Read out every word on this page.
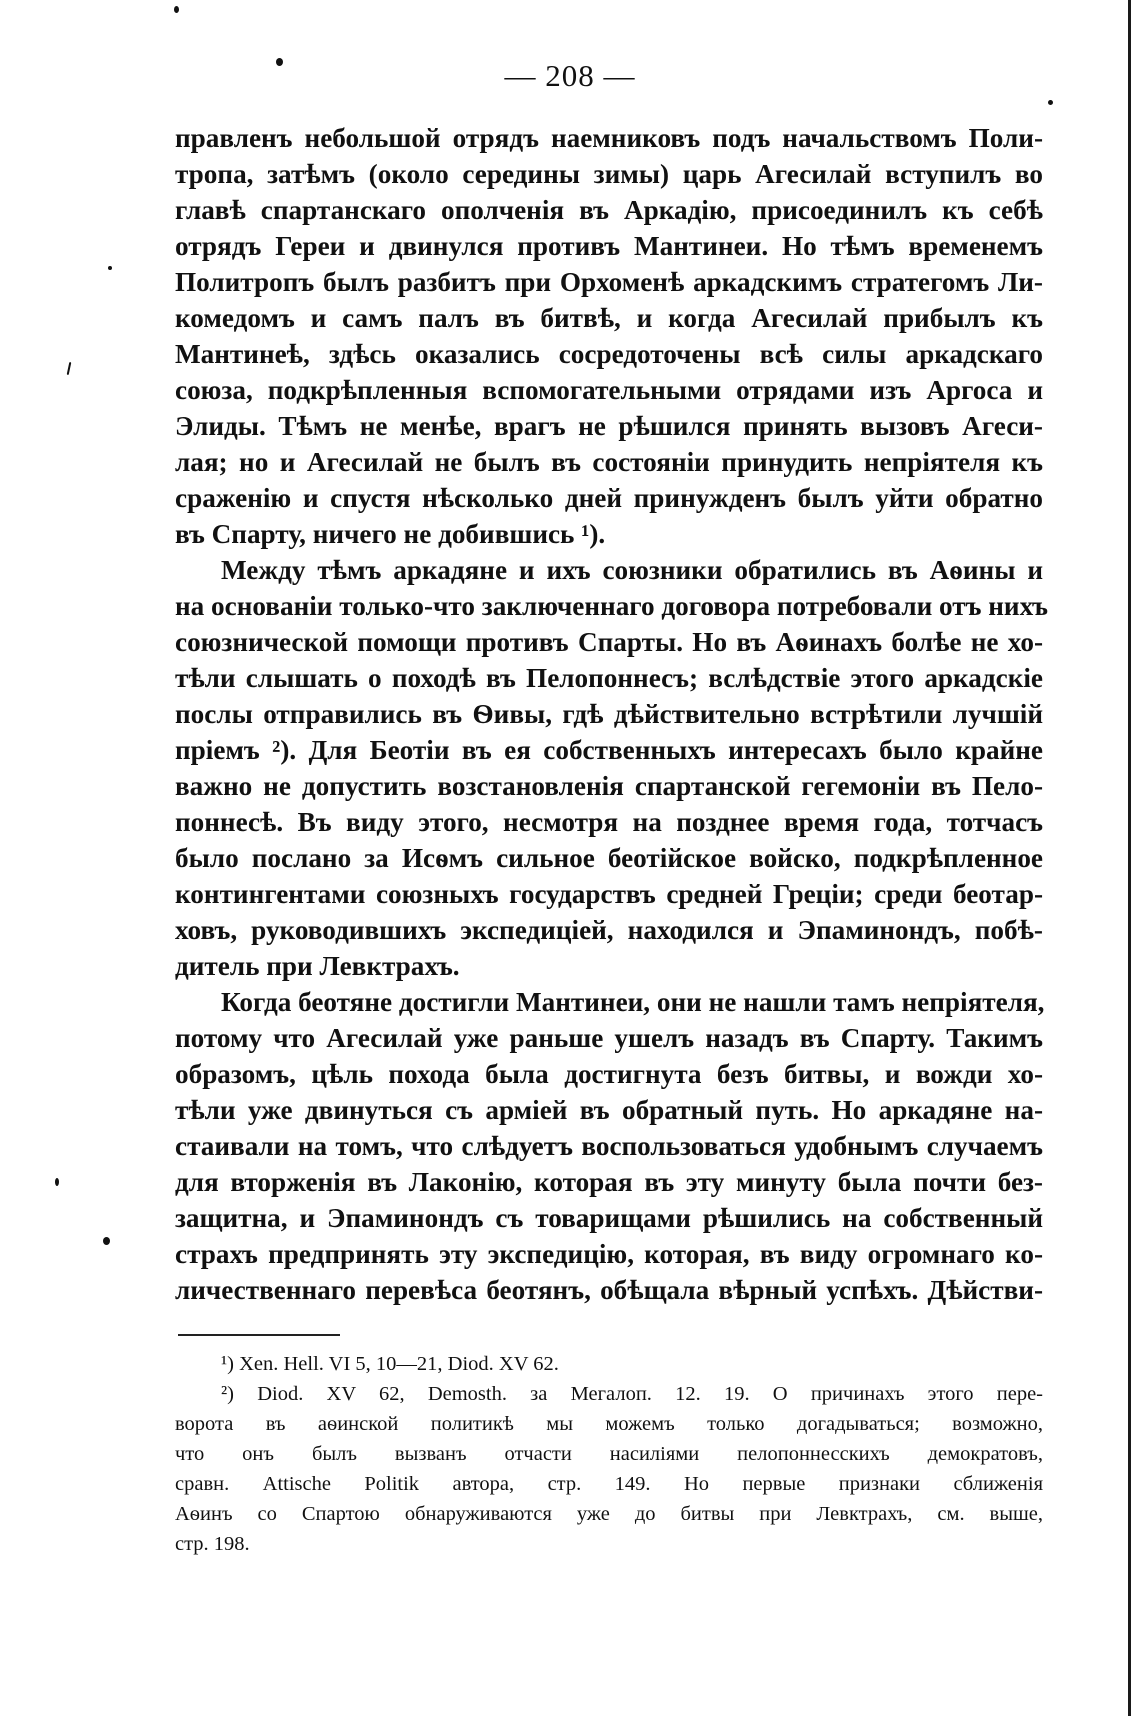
— 208 —

правленъ небольшой отрядъ наемниковъ подъ начальствомъ Поли-
тропа, затѣмъ (около середины зимы) царь Агесилай вступилъ во
главѣ спартанскаго ополченія въ Аркадію, присоединилъ къ себѣ
отрядъ Гереи и двинулся противъ Мантинеи. Но тѣмъ временемъ
Политропъ былъ разбитъ при Орхоменѣ аркадскимъ стратегомъ Ли-
комедомъ и самъ палъ въ битвѣ, и когда Агесилай прибылъ къ
Мантинеѣ, здѣсь оказались сосредоточены всѣ силы аркадскаго
союза, подкрѣпленныя вспомогательными отрядами изъ Аргоса и
Элиды. Тѣмъ не менѣе, врагъ не рѣшился принять вызовъ Агеси-
лая; но и Агесилай не былъ въ состояніи принудить непріятеля къ
сраженію и спустя нѣсколько дней принужденъ былъ уйти обратно
въ Спарту, ничего не добившись ¹).

Между тѣмъ аркадяне и ихъ союзники обратились въ Аѳины и
на основаніи только-что заключеннаго договора потребовали отъ нихъ
союзнической помощи противъ Спарты. Но въ Аѳинахъ болѣе не хо-
тѣли слышать о походѣ въ Пелопоннесъ; вслѣдствіе этого аркадскіе
послы отправились въ Ѳивы, гдѣ дѣйствительно встрѣтили лучшій
пріемъ ²). Для Беотіи въ ея собственныхъ интересахъ было крайне
важно не допустить возстановленія спартанской гегемоніи въ Пело-
поннесѣ. Въ виду этого, несмотря на позднее время года, тотчасъ
было послано за Исѳмъ сильное беотійское войско, подкрѣпленное
контингентами союзныхъ государствъ средней Греціи; среди беотар-
ховъ, руководившихъ экспедиціей, находился и Эпаминондъ, побѣ-
дитель при Левктрахъ.

Когда беотяне достигли Мантинеи, они не нашли тамъ непріятеля,
потому что Агесилай уже раньше ушелъ назадъ въ Спарту. Такимъ
образомъ, цѣль похода была достигнута безъ битвы, и вожди хо-
тѣли уже двинуться съ арміей въ обратный путь. Но аркадяне на-
стаивали на томъ, что слѣдуетъ воспользоваться удобнымъ случаемъ
для вторженія въ Лаконію, которая въ эту минуту была почти без-
защитна, и Эпаминондъ съ товарищами рѣшились на собственный
страхъ предпринять эту экспедицію, которая, въ виду огромнаго ко-
личественнаго перевѣса беотянъ, обѣщала вѣрный успѣхъ. Дѣйстви-

¹) Xen. Hell. VI 5, 10—21, Diod. XV 62.
²) Diod. XV 62, Demosth. за Мегалоп. 12. 19. О причинахъ этого пере-
ворота въ аѳинской политикѣ мы можемъ только догадываться; возможно,
что онъ былъ вызванъ отчасти насиліями пелопоннесскихъ демократовъ,
сравн. Attische Politik автора, стр. 149. Но первые признаки сближенія
Аѳинъ со Спартою обнаруживаются уже до битвы при Левктрахъ, см. выше,
стр. 198.
